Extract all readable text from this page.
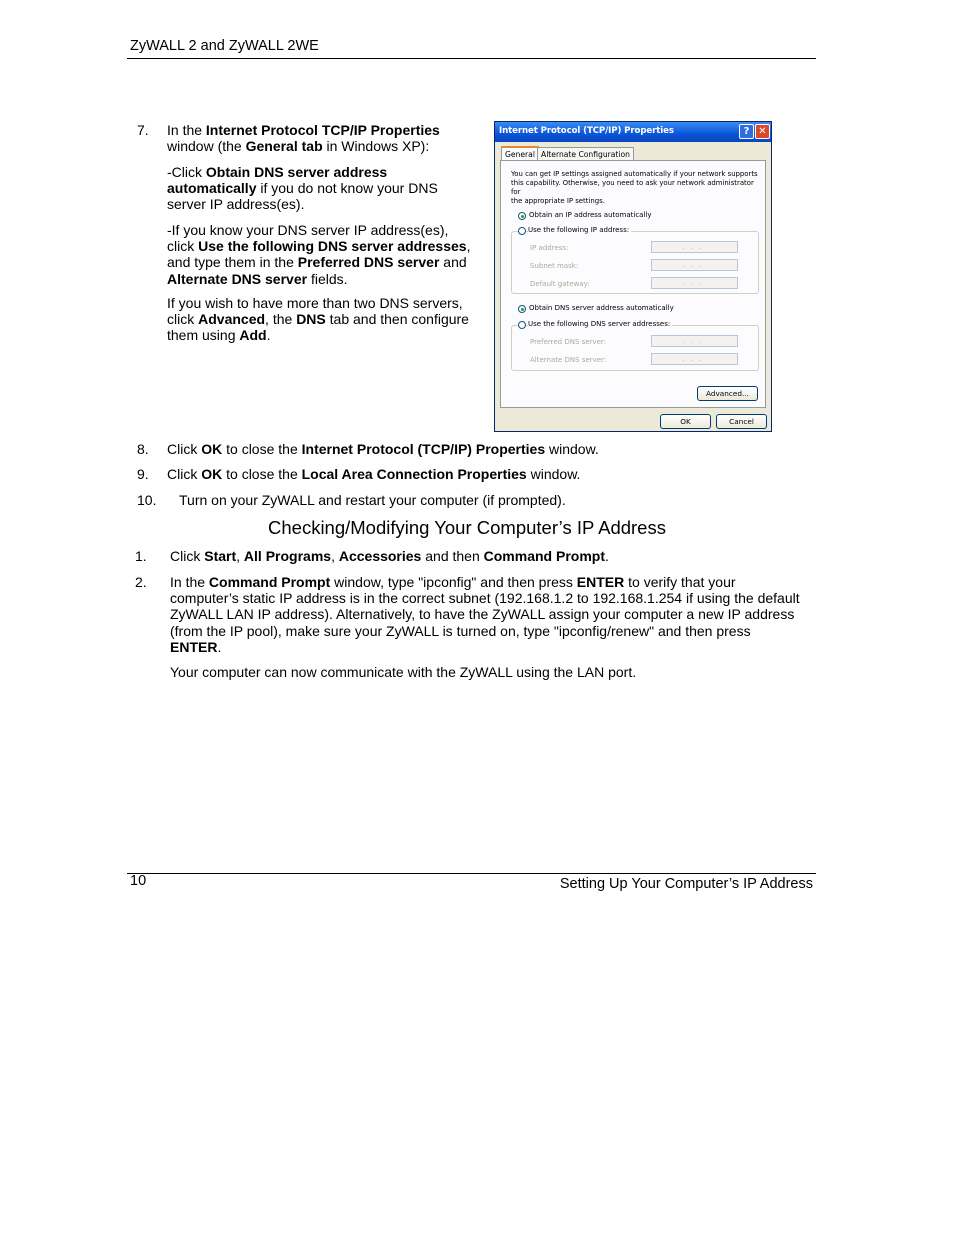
ZyWALL 2 and ZyWALL 2WE
7. In the Internet Protocol TCP/IP Properties
window (the General tab in Windows XP):
-Click Obtain DNS server address
automatically if you do not know your DNS
server IP address(es).
-If you know your DNS server IP address(es),
click Use the following DNS server addresses,
and type them in the Preferred DNS server and
Alternate DNS server fields.
If you wish to have more than two DNS servers,
click Advanced, the DNS tab and then configure
them using Add.
Internet Protocol (TCP/IP) Properties	? ✕
General Alternate Configuration
You can get IP settings assigned automatically if your network supports
this capability. Otherwise, you need to ask your network administrator for
the appropriate IP settings.
Obtain an IP address automatically
IP address:	...
Subnet mask:	...
Default gateway:	...
Use the following IP address:
Obtain DNS server address automatically
Preferred DNS server:	...
Alternate DNS server:	...
Use the following DNS server addresses:
Advanced...
OK	Cancel
8. Click OK to close the Internet Protocol (TCP/IP) Properties window.
9. Click OK to close the Local Area Connection Properties window.
10. Turn on your ZyWALL and restart your computer (if prompted).
Checking/Modifying Your Computer’s IP Address
1. Click Start, All Programs, Accessories and then Command Prompt.
2. In the Command Prompt window, type "ipconfig" and then press ENTER to verify that your
computer’s static IP address is in the correct subnet (192.168.1.2 to 192.168.1.254 if using the default
ZyWALL LAN IP address). Alternatively, to have the ZyWALL assign your computer a new IP address
(from the IP pool), make sure your ZyWALL is turned on, type "ipconfig/renew" and then press
ENTER.
Your computer can now communicate with the ZyWALL using the LAN port.
10	Setting Up Your Computer’s IP Address
